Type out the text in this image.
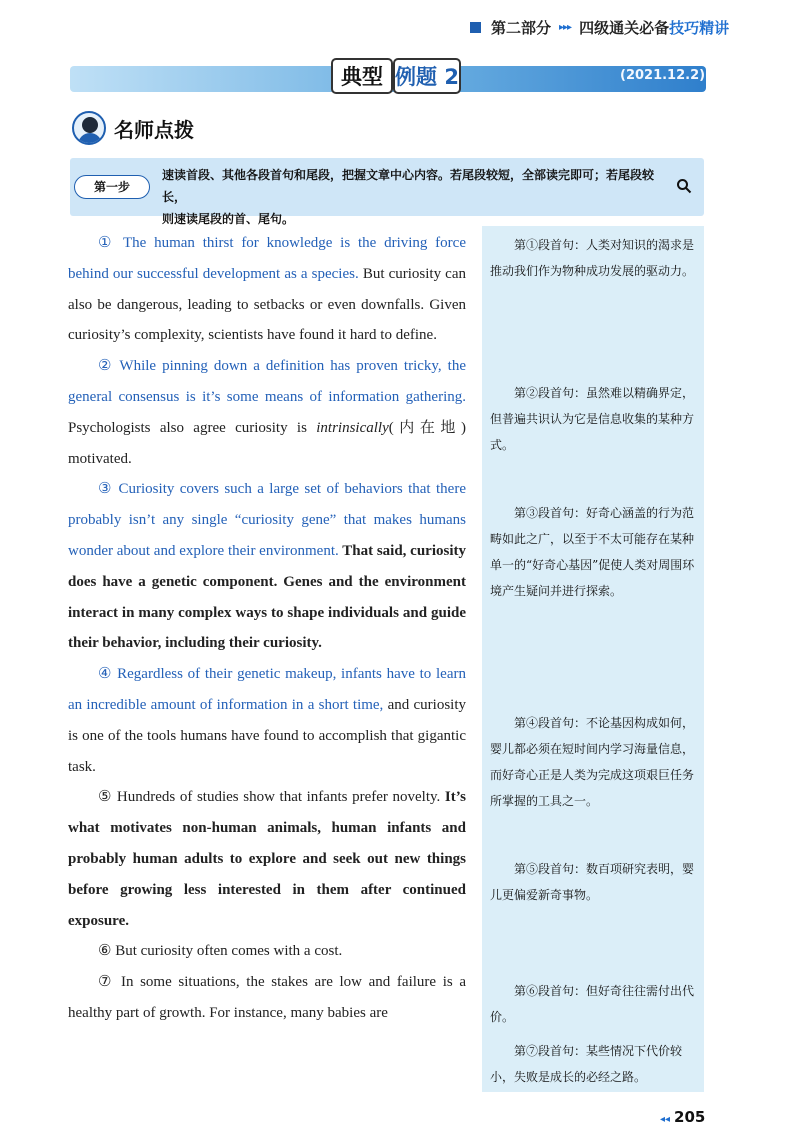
第二部分 ▸▸▸ 四级通关必备 技巧精讲
典型 例题 2	(2021.12.2)
名师点拨
第一步
速读首段、其他各段首句和尾段，把握文章中心内容。若尾段较短，全部读完即可；若尾段较长，
则速读尾段的首、尾句。

① The human thirst for knowledge is the driving force behind our successful development as a species. But curiosity can also be dangerous, leading to setbacks or even downfalls. Given curiosity’s complexity, scientists have found it hard to define.

② While pinning down a definition has proven tricky, the general consensus is it’s some means of information gathering. Psychologists also agree curiosity is intrinsically(内在地) motivated.

③ Curiosity covers such a large set of behaviors that there probably isn’t any single “curiosity gene” that makes humans wonder about and explore their environment. That said, curiosity does have a genetic component. Genes and the environment interact in many complex ways to shape individuals and guide their behavior, including their curiosity.

④ Regardless of their genetic makeup, infants have to learn an incredible amount of information in a short time, and curiosity is one of the tools humans have found to accomplish that gigantic task.

⑤ Hundreds of studies show that infants prefer novelty. It’s what motivates non-human animals, human infants and probably human adults to explore and seek out new things before growing less interested in them after continued exposure.

⑥ But curiosity often comes with a cost.

⑦ In some situations, the stakes are low and failure is a healthy part of growth. For instance, many babies are

第①段首句：人类对知识的渴求是推动我们作为物种成功发展的驱动力。
第②段首句：虽然难以精确界定，但普遍共识认为它是信息收集的某种方式。
第③段首句：好奇心涵盖的行为范畴如此之广，以至于不太可能存在某种单一的“好奇心基因”促使人类对周围环境产生疑问并进行探索。
第④段首句：不论基因构成如何，婴儿都必须在短时间内学习海量信息，而好奇心正是人类为完成这项艰巨任务所掌握的工具之一。
第⑤段首句：数百项研究表明，婴儿更偏爱新奇事物。
第⑥段首句：但好奇往往需付出代价。
第⑦段首句：某些情况下代价较小，失败是成长的必经之路。
◂◂ 205
